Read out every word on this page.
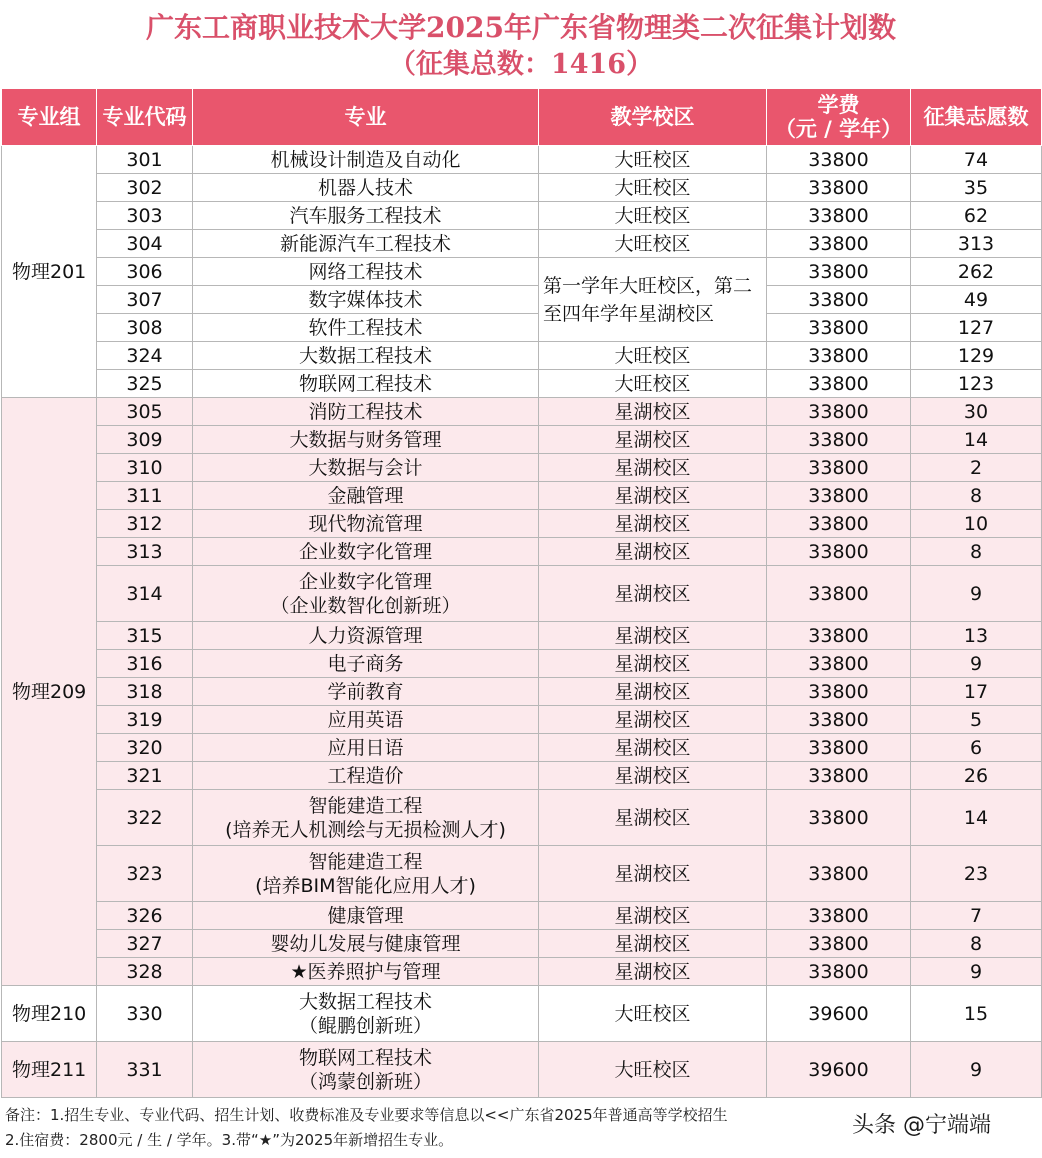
广东工商职业技术大学2025年广东省物理类二次征集计划数
（征集总数：1416）
专业组	专业代码	专业	教学校区	学费
（元 / 学年）	征集志愿数
物理201	301	机械设计制造及自动化	大旺校区	33800	74
	302	机器人技术	大旺校区	33800	35
	303	汽车服务工程技术	大旺校区	33800	62
	304	新能源汽车工程技术	大旺校区	33800	313
	306	网络工程技术	第一学年大旺校区，第二至四年学年星湖校区	33800	262
	307	数字媒体技术		33800	49
	308	软件工程技术		33800	127
	324	大数据工程技术	大旺校区	33800	129
	325	物联网工程技术	大旺校区	33800	123
物理209	305	消防工程技术	星湖校区	33800	30
	309	大数据与财务管理	星湖校区	33800	14
	310	大数据与会计	星湖校区	33800	2
	311	金融管理	星湖校区	33800	8
	312	现代物流管理	星湖校区	33800	10
	313	企业数字化管理	星湖校区	33800	8
	314	企业数字化管理
（企业数智化创新班）	星湖校区	33800	9
	315	人力资源管理	星湖校区	33800	13
	316	电子商务	星湖校区	33800	9
	318	学前教育	星湖校区	33800	17
	319	应用英语	星湖校区	33800	5
	320	应用日语	星湖校区	33800	6
	321	工程造价	星湖校区	33800	26
	322	智能建造工程
(培养无人机测绘与无损检测人才)	星湖校区	33800	14
	323	智能建造工程
(培养BIM智能化应用人才)	星湖校区	33800	23
	326	健康管理	星湖校区	33800	7
	327	婴幼儿发展与健康管理	星湖校区	33800	8
	328	★医养照护与管理	星湖校区	33800	9
物理210	330	大数据工程技术
（鲲鹏创新班）	大旺校区	39600	15
物理211	331	物联网工程技术
（鸿蒙创新班）	大旺校区	39600	9
备注：1.招生专业、专业代码、招生计划、收费标准及专业要求等信息以<<广东省2025年普通高等学校招生
2.住宿费：2800元 / 生 / 学年。3.带“★”为2025年新增招生专业。
头条 @宁端端
